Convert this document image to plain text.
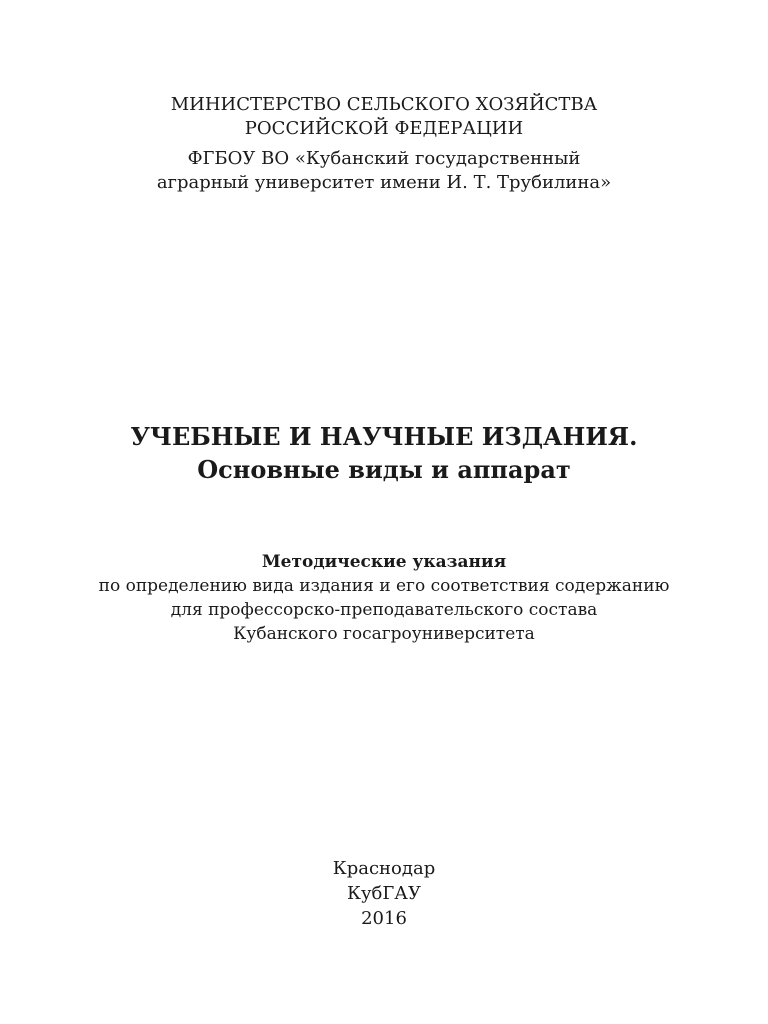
МИНИСТЕРСТВО СЕЛЬСКОГО ХОЗЯЙСТВА
РОССИЙСКОЙ ФЕДЕРАЦИИ
ФГБОУ ВО «Кубанский государственный
аграрный университет имени И. Т. Трубилина»
УЧЕБНЫЕ И НАУЧНЫЕ ИЗДАНИЯ.
Основные виды и аппарат
Методические указания
по определению вида издания и его соответствия содержанию
для профессорско-преподавательского состава
Кубанского госагроуниверситета
Краснодар
КубГАУ
2016
